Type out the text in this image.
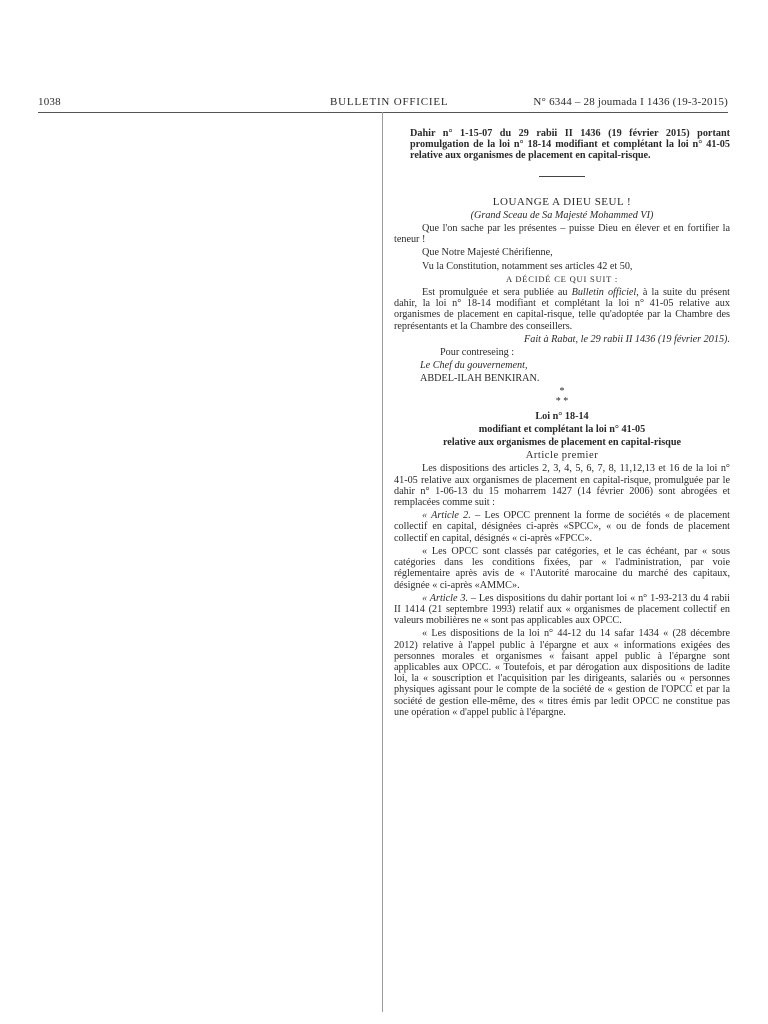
1038	BULLETIN OFFICIEL	N° 6344 – 28 joumada I 1436 (19-3-2015)

Dahir n° 1-15-07 du 29 rabii II 1436 (19 février 2015) portant promulgation de la loi n° 18-14 modifiant et complétant la loi n° 41-05 relative aux organismes de placement en capital-risque.

LOUANGE A DIEU SEUL !

(Grand Sceau de Sa Majesté Mohammed VI)

Que l'on sache par les présentes – puisse Dieu en élever et en fortifier la teneur !

Que Notre Majesté Chérifienne,

Vu la Constitution, notamment ses articles 42 et 50,

A DÉCIDÉ CE QUI SUIT :

Est promulguée et sera publiée au Bulletin officiel, à la suite du présent dahir, la loi n° 18-14 modifiant et complétant la loi n° 41-05 relative aux organismes de placement en capital-risque, telle qu'adoptée par la Chambre des représentants et la Chambre des conseillers.

Fait à Rabat, le 29 rabii II 1436 (19 février 2015).

Pour contreseing :

Le Chef du gouvernement,

ABDEL-ILAH BENKIRAN.

*
* *

Loi n° 18-14

modifiant et complétant la loi n° 41-05

relative aux organismes de placement en capital-risque

Article premier

Les dispositions des articles 2, 3, 4, 5, 6, 7, 8, 11,12,13 et 16 de la loi n° 41-05 relative aux organismes de placement en capital-risque, promulguée par le dahir n° 1-06-13 du 15 moharrem 1427 (14 février 2006) sont abrogées et remplacées comme suit :

« Article 2. – Les OPCC prennent la forme de sociétés « de placement collectif en capital, désignées ci-après «SPCC», « ou de fonds de placement collectif en capital, désignés « ci-après «FPCC».

« Les OPCC sont classés par catégories, et le cas échéant, par « sous catégories dans les conditions fixées, par « l'administration, par voie réglementaire après avis de « l'Autorité marocaine du marché des capitaux, désignée « ci-après «AMMC».

« Article 3. – Les dispositions du dahir portant loi « n° 1-93-213 du 4 rabii II 1414 (21 septembre 1993) relatif aux « organismes de placement collectif en valeurs mobilières ne « sont pas applicables aux OPCC.

« Les dispositions de la loi n° 44-12 du 14 safar 1434 « (28 décembre 2012) relative à l'appel public à l'épargne et aux « informations exigées des personnes morales et organismes « faisant appel public à l'épargne sont applicables aux OPCC. « Toutefois, et par dérogation aux dispositions de ladite loi, la « souscription et l'acquisition par les dirigeants, salariés ou « personnes physiques agissant pour le compte de la société de « gestion de l'OPCC et par la société de gestion elle-même, des « titres émis par ledit OPCC ne constitue pas une opération « d'appel public à l'épargne.
